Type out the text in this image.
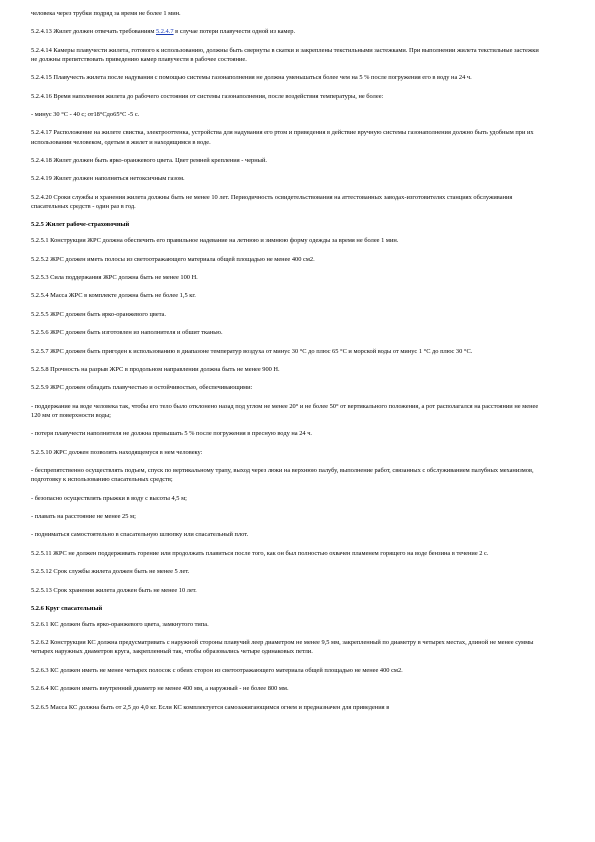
человека через трубки подряд за время не более 1 мин.

5.2.4.13 Жилет должен отвечать требованиям 5.2.4.7 в случае потери плавучести одной из камер.

5.2.4.14 Камеры плавучести жилета, готового к использованию, должны быть свернуты в скатки и закреплены текстильными застежками. При выполнении жилета текстильные застежки не должны препятствовать приведению камер плавучести в рабочее состояние.

5.2.4.15 Плавучесть жилета после надувания с помощью системы газонаполнения не должна уменьшаться более чем на 5 % после погружения его в воду на 24 ч.

5.2.4.16 Время наполнения жилета до рабочего состояния от системы газонаполнения, после воздействия температуры, не более:

- минус 30 °С - 40 с; от18°Сдо65°С -5 с.

5.2.4.17 Расположение на жилете свистка, электрооттенка, устройства для надувания его ртом и приведения в действие вручную системы газонаполнения должно быть удобным при их использовании человеком, одетым в жилет и находящимся в воде.

5.2.4.18 Жилет должен быть ярко-оранжевого цвета. Цвет ремней крепления - черный.

5.2.4.19 Жилет должен наполняться нетоксичным газом.

5.2.4.20 Сроки службы и хранения жилета должны быть не менее 10 лет. Периодичность освидетельствования на аттестованных заводах-изготовителях станциях обслуживания спасательных средств - один раз в год.

5.2.5 Жилет рабоче-страховочный

5.2.5.1 Конструкция ЖРС должна обеспечить его правильное надевание на летнюю и зимнюю форму одежды за время не более 1 мин.

5.2.5.2 ЖРС должен иметь полосы из светоотражающего материала общей площадью не менее 400 см2.

5.2.5.3 Сила поддержания ЖРС должна быть не менее 100 Н.

5.2.5.4 Масса ЖРС в комплекте должна быть не более 1,5 кг.

5.2.5.5 ЖРС должен быть ярко-оранжевого цвета.

5.2.5.6 ЖРС должен быть изготовлен из наполнителя и обшит тканью.

5.2.5.7 ЖРС должен быть пригоден к использованию в диапазоне температур воздуха от минус 30 °С до плюс 65 °С и морской воды от минус 1 °С до плюс 30 °С.

5.2.5.8 Прочность на разрыв ЖРС в продольном направлении должна быть не менее 900 Н.

5.2.5.9 ЖРС должен обладать плавучестью и остойчивостью, обеспечивающими:

- поддержание на воде человека так, чтобы его тело было отклонено назад под углом не менее 20° и не более 50° от вертикального положения, а рот располагался на расстоянии не менее 120 мм от поверхности воды;

- потеря плавучести наполнителя не должна превышать 5 % после погружения в пресную воду на 24 ч.

5.2.5.10 ЖРС должен позволять находящемуся в нем человеку:

- беспрепятственно осуществлять подъем, спуск по вертикальному трапу, выход через люки на верхнюю палубу, выполнение работ, связанных с обслуживанием палубных механизмов, подготовку к использованию спасательных средств;

- безопасно осуществлять прыжки в воду с высоты 4,5 м;

- плавать на расстояние не менее 25 м;

- подниматься самостоятельно в спасательную шлюпку или спасательный плот.

5.2.5.11 ЖРС не должен поддерживать горение или продолжать плавиться после того, как он был полностью охвачен пламенем горящего на воде бензина в течение 2 с.

5.2.5.12 Срок службы жилета должен быть не менее 5 лет.

5.2.5.13 Срок хранения жилета должен быть не менее 10 лет.

5.2.6 Круг спасательный

5.2.6.1 КС должен быть ярко-оранжевого цвета, замкнутого типа.

5.2.6.2 Конструкция КС должна предусматривать с наружной стороны плавучий леер диаметром не менее 9,5 мм, закрепленный по диаметру в четырех местах, длиной не менее суммы четырех наружных диаметров круга, закрепленный так, чтобы образовались четыре одинаковых петли.

5.2.6.3 КС должен иметь не менее четырех полосок с обеих сторон из светоотражающего материала общей площадью не менее 400 см2.

5.2.6.4 КС должен иметь внутренний диаметр не менее 400 мм, а наружный - не более 800 мм.

5.2.6.5 Масса КС должна быть от 2,5 до 4,0 кг. Если КС комплектуется самозажигающимся огнем и предназначен для приведения в
